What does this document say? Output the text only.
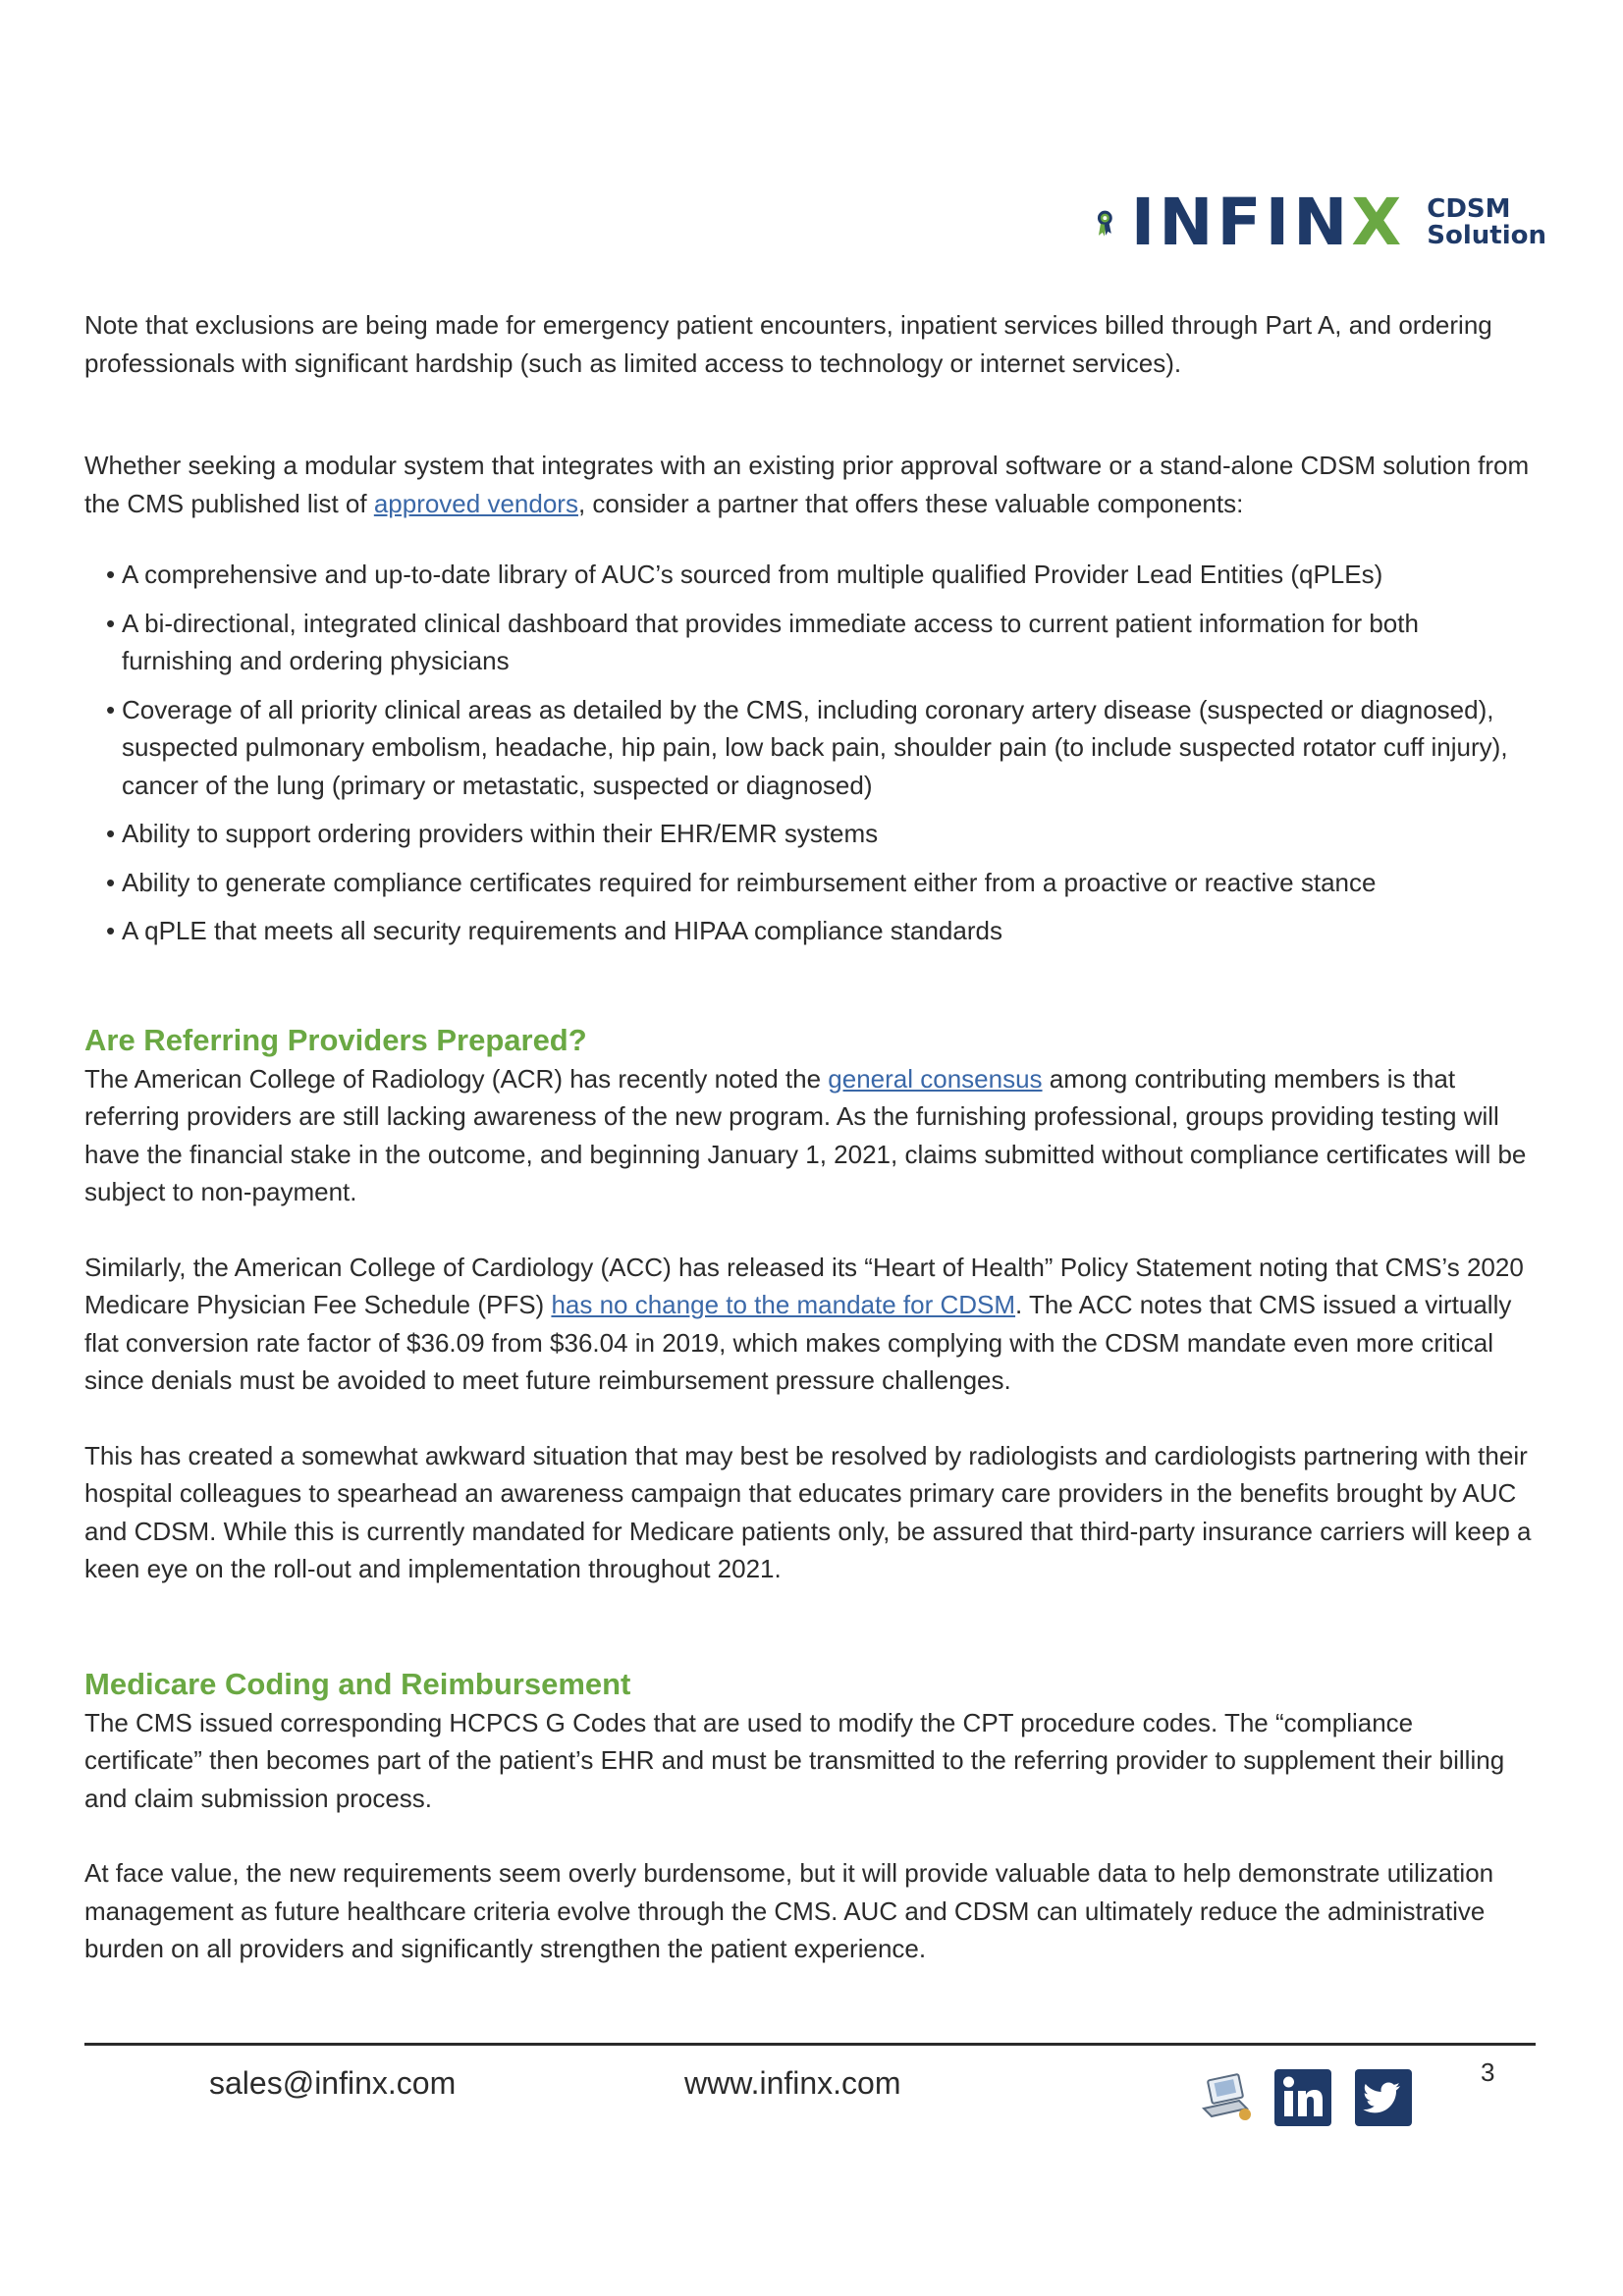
INFINX CDSM
Solution

Note that exclusions are being made for emergency patient encounters, inpatient services billed through Part A, and ordering professionals with significant hardship (such as limited access to technology or internet services).

Whether seeking a modular system that integrates with an existing prior approval software or a stand-alone CDSM solution from the CMS published list of approved vendors, consider a partner that offers these valuable components:

• A comprehensive and up-to-date library of AUC’s sourced from multiple qualified Provider Lead Entities (qPLEs)
• A bi-directional, integrated clinical dashboard that provides immediate access to current patient information for both furnishing and ordering physicians
• Coverage of all priority clinical areas as detailed by the CMS, including coronary artery disease (suspected or diagnosed), suspected pulmonary embolism, headache, hip pain, low back pain, shoulder pain (to include suspected rotator cuff injury), cancer of the lung (primary or metastatic, suspected or diagnosed)
• Ability to support ordering providers within their EHR/EMR systems
• Ability to generate compliance certificates required for reimbursement either from a proactive or reactive stance
• A qPLE that meets all security requirements and HIPAA compliance standards
Are Referring Providers Prepared?

The American College of Radiology (ACR) has recently noted the general consensus among contributing members is that referring providers are still lacking awareness of the new program. As the furnishing professional, groups providing testing will have the financial stake in the outcome, and beginning January 1, 2021, claims submitted without compliance certificates will be subject to non-payment.

Similarly, the American College of Cardiology (ACC) has released its “Heart of Health” Policy Statement noting that CMS’s 2020 Medicare Physician Fee Schedule (PFS) has no change to the mandate for CDSM. The ACC notes that CMS issued a virtually flat conversion rate factor of $36.09 from $36.04 in 2019, which makes complying with the CDSM mandate even more critical since denials must be avoided to meet future reimbursement pressure challenges.

This has created a somewhat awkward situation that may best be resolved by radiologists and cardiologists partnering with their hospital colleagues to spearhead an awareness campaign that educates primary care providers in the benefits brought by AUC and CDSM. While this is currently mandated for Medicare patients only, be assured that third-party insurance carriers will keep a keen eye on the roll-out and implementation throughout 2021.

Medicare Coding and Reimbursement

The CMS issued corresponding HCPCS G Codes that are used to modify the CPT procedure codes. The “compliance certificate” then becomes part of the patient’s EHR and must be transmitted to the referring provider to supplement their billing and claim submission process.

At face value, the new requirements seem overly burdensome, but it will provide valuable data to help demonstrate utilization management as future healthcare criteria evolve through the CMS. AUC and CDSM can ultimately reduce the administrative burden on all providers and significantly strengthen the patient experience.

sales@infinx.com	www.infinx.com	3
